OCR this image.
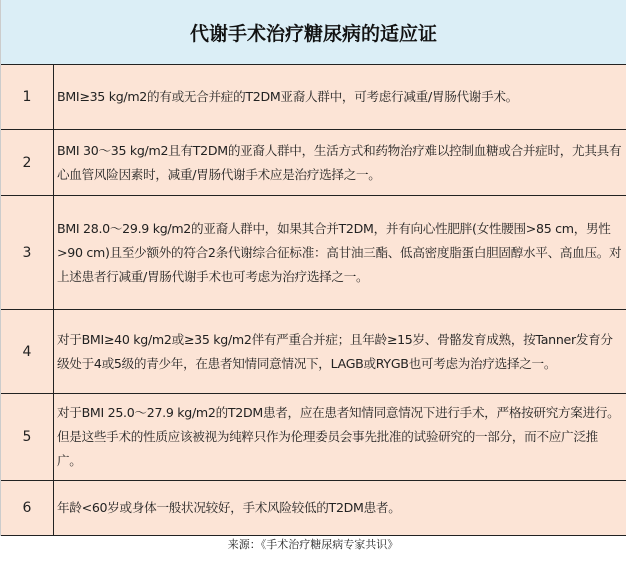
代谢手术治疗糖尿病的适应证
1	BMI≥35 kg/m2的有或无合并症的T2DM亚裔人群中，可考虑行减重/胃肠代谢手术。
2
BMI 30～35 kg/m2且有T2DM的亚裔人群中，生活方式和药物治疗难以控制血糖或合并症时，尤其具有心血管风险因素时，减重/胃肠代谢手术应是治疗选择之一。
3
BMI 28.0～29.9 kg/m2的亚裔人群中，如果其合并T2DM，并有向心性肥胖(女性腰围>85 cm，男性>90 cm)且至少额外的符合2条代谢综合征标准：高甘油三酯、低高密度脂蛋白胆固醇水平、高血压。对上述患者行减重/胃肠代谢手术也可考虑为治疗选择之一。
4
对于BMI≥40 kg/m2或≥35 kg/m2伴有严重合并症；且年龄≥15岁、骨骼发育成熟，按Tanner发育分级处于4或5级的青少年，在患者知情同意情况下，LAGB或RYGB也可考虑为治疗选择之一。
5
对于BMI 25.0～27.9 kg/m2的T2DM患者，应在患者知情同意情况下进行手术，严格按研究方案进行。但是这些手术的性质应该被视为纯粹只作为伦理委员会事先批准的试验研究的一部分，而不应广泛推广。
6	年龄<60岁或身体一般状况较好，手术风险较低的T2DM患者。
来源：《手术治疗糖尿病专家共识》
